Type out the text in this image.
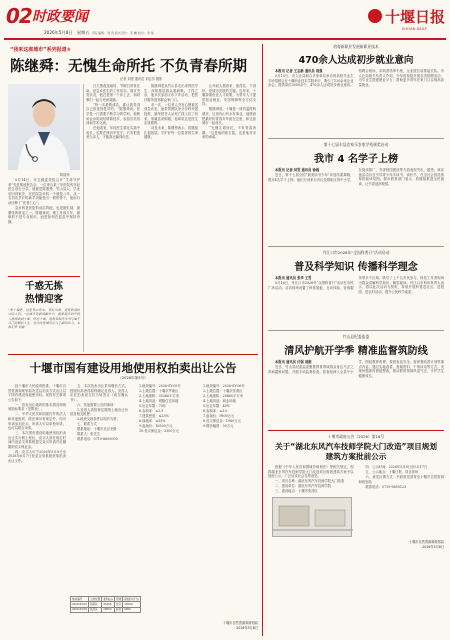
02 时政要闻
2026年5月8日 星期五 责任编辑：刘 涛 版式设计：邓 巍 校对：余 俊
十堰日报
SHIYAN DAILY
“我来这座城市”系列报道⑤
陈继舜：无愧生命所托 不负青春所期
记者 刘建 通讯员 刘会芳 摄影
陈继舜

5月14日，市卫健委党组召开“生命守护者”先进事迹报告会，一位来自某三甲医院的年轻医生登台分享。他就是陈继舜，竹山县人，毕业后回到家乡，在医院急诊科一干就是八年。从一名初出茅庐的新手到能独当一面的骨干，他用行动诠释了“医者仁心”。

急诊科是医院的前沿阵地，也是最忙碌、最紧张的科室之一。陈继舜说，刚工作那几年，最难的不是专业知识，而是如何在混乱中保持冷静。

千惑无拣 热情迎客
“来十堰吧，这里有山有水、有好风景，更有热情好客的人们。”在城市更新的脚步中，越来越多的年轻人选择来到十堰、留在十堰，用青春和汗水书写属于自己的精彩人生，也为这座城市注入了新的活力。本报记者 刘建

白天黑夜连轴转、节假日常常在岗，是急诊医生的工作常态。面对突发状况，他总是第一个冲上去，和同事们一起与死神赛跑。

“每一次抢救成功，都让我觉得自己的选择是对的。”陈继舜说，医学是一门需要不断学习的学科，他利用业余时间钻研新技术，参加各类培训和学术交流。

在他看来，年轻医生要在实践中成长，也要在挫折中坚守，只有把患者当亲人，才能真正赢得信任。

陈继舜是从竹山县走出来的医学生，深知基层群众看病难。工作之余，他多次参加义诊下乡活动，把医疗服务送到群众家门口。

有一次，一位老人突发心梗被送到急诊室，他带领团队争分夺秒开展抢救，最终把老人从死亡线上拉了回来。家属送来锦旗，他却说这是医生应该做的。

谈及未来，陈继舜表示，将继续扎根基层，守护好每一位患者的生命健康。

让年轻人愿意来、留得住、干得好，是城市发展的关键。近年来，十堰持续优化人才政策，为青年人才提供创业就业、安居保障等全方位支持。

陈继舜说，十堰是一座有温度的城市，这里有山有水有事业，他愿意把最好的青春年华留在这里，和这座城市一起成长。

“无愧生命所托，不负青春所期。”这是他的座右铭，也是他对未来的承诺。

十堰市国有建设用地使用权拍卖出让公告
（2026年第5号）

经十堰市人民政府批准，十堰市自然资源和规划局决定以拍卖方式出让以下国有建设用地使用权。现将有关事项公告如下：

一、拍卖出让地块的基本情况和规划指标要求（见附表）。

二、中华人民共和国境内外的法人和其他组织，除法律另有规定外，均可申请参加竞买。申请人可以单独申请，也可以联合申请。

三、本次国有建设用地使用权拍卖出让实行网上报价，竞买人须在规定时间内登录交易系统提交竞买申请并足额缴纳竞买保证金。

四、竞买人可于2026年5月8日至2026年6月7日登录交易系统获取拍卖出让文件。

五、本次拍卖出让采用增价方式，按照价高者得原则确定竞得人。竞得人应在拍卖成交后当场签订《成交确认书》。

六、其他需要公告的事项：

1.竞得人须按规定缴纳土地出让价款及相关税费；

2.地块交地条件以现状为准；

七、联系方式

联系地址：十堰市北京北路

联系人：张先生

联系电话：0719-8650000

1.地块编号：2026-SY-05号

2.土地位置：十堰市茅箭区

3.土地面积：35266平方米

4.土地用途：城镇住宅用地

5.出让年限：70年

6.容积率：≤2.5

7.建筑密度：≤25%

8.绿地率：≥35%

9.起始价：16500万元

10.竞买保证金：3300万元

1.地块编号：2026-SY-06号

2.土地位置：十堰市张湾区

3.土地面积：28860平方米

4.土地用途：商业用地

5.出让年限：40年

6.容积率：≤3.0

7.起始价：9800万元

8.竞买保证金：1960万元

9.增价幅度：50万元

地块编号	土地位置	面积(㎡)	用途	起始价(万元)
2026-SY-05	茅箭区	35266	住宅	16500
2026-SY-06	张湾区	28860	商业	9800
十堰市自然资源和规划局
2026年5月8日
培育新职业发展新职业技术
470余人达成初步就业意向

本报讯 记者 王志新 通讯员 周强

5月15日，市人社局联合多家单位举办的高校毕业生专场招聘会在十堰职业技术学院举行，吸引了120余家企业参会，提供岗位3000余个，470余人达成初步就业意向。招聘会现场，求职者络绎不绝，企业展位前排起长队。市人社局相关负责人介绍，今年将持续开展各类招聘活动，为毕业生搭建就业平台，帮助更多青年在家门口实现高质量就业。

第十七届丰县农家乐农家学苑颁奖启动
我市 4 名学子上榜

本报讯 记者 刘雯 通讯员 徐娟

近日，第十七届全国“最美读书少年”评选结果揭晓，我市4名学子上榜。他们分别来自市区及郧阳区的中小学，在阅读推广、书香校园建设等方面表现突出。据悉，该评选活动旨在引导青少年多读书、读好书，在全社会营造浓厚的阅读氛围。我市教育部门表示，将继续推进全民阅读，让书香浸润校园。

丹江口市2026年“全国科普日”活动启动
普及科学知识 传播科学理念

本报讯 通讯员 张华 王雪

5月16日，丹江口市2026年“全国科普日”活动在市民广场启动。活动现场设置了科普展板、互动体验、咨询服务等多个区域，吸引了上千名市民参与。科技工作者现场为群众讲解科学知识，解答疑问。丹江口市科协负责人表示，将以此次活动为契机，持续开展科普进社区、进校园、进农村活动，提升公民科学素质。

竹山县纪委监委
清风护航开学季 精准监督筑防线

本报讯 通讯员 付强 周刚

近日，竹山县纪委监委聚焦教育领域群众身边不正之风和腐败问题，开展专项监督检查。检查组深入全县中小学，围绕教育收费、校园食品安全、营养餐改善计划等重点内容，通过实地查看、查阅资料、个别谈话等方式，发现问题即时督促整改，推动教育领域风清气正，守护学生健康成长。

十堰市政府公告（2026）第16号
关于“湖北东风汽车技师学院大门改造”项目规划建筑方案批前公示

根据《中华人民共和国城乡规划法》等相关规定，现将湖北东风汽车技师学院大门改造项目规划建筑方案予以批前公示，广泛征求社会各界意见。

一、项目名称：湖北东风汽车技师学院大门改造

二、建设单位：湖北东风汽车技师学院

三、建设地点：十堰市张湾区

四、公示时间：2026年5月8日至5月17日

五、公示地点：十堰日报、项目现场

六、意见反馈方式：书面意见请寄至十堰市自然资源和规划局

联系电话：0719-8650123

十堰市自然资源和规划局
2026年5月8日
